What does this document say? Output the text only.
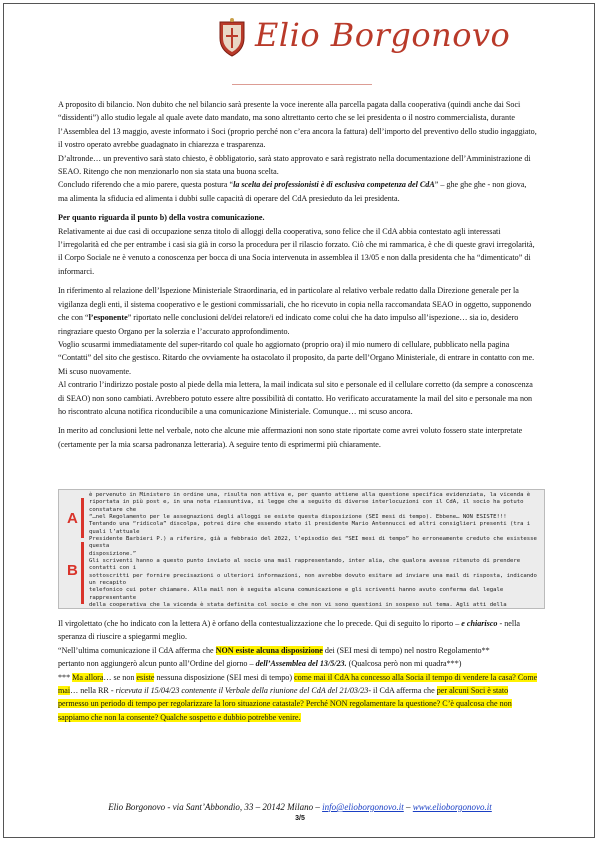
Elio Borgonovo

A proposito di bilancio. Non dubito che nel bilancio sarà presente la voce inerente alla parcella pagata dalla cooperativa (quindi anche dai Soci “dissidenti”) allo studio legale al quale avete dato mandato, ma sono altrettanto certo che se lei presidenta o il nostro commercialista, durante l’Assemblea del 13 maggio, aveste informato i Soci (proprio perché non c’era ancora la fattura) dell’importo del preventivo dello studio ingaggiato, il vostro operato avrebbe guadagnato in chiarezza e trasparenza.

D’altronde… un preventivo sarà stato chiesto, è obbligatorio, sarà stato approvato e sarà registrato nella documentazione dell’Amministrazione di SEAO. Ritengo che non menzionarlo non sia stata una buona scelta.

Concludo riferendo che a mio parere, questa postura “la scelta dei professionisti è di esclusiva competenza del CdA” – ghe ghe ghe - non giova, ma alimenta la sfiducia ed alimenta i dubbi sulle capacità di operare del CdA presieduto da lei presidenta.

Per quanto riguarda il punto b) della vostra comunicazione.

Relativamente ai due casi di occupazione senza titolo di alloggi della cooperativa, sono felice che il CdA abbia contestato agli interessati l’irregolarità ed che per entrambe i casi sia già in corso la procedura per il rilascio forzato. Ciò che mi rammarica, è che di queste gravi irregolarità, il Corpo Sociale ne è venuto a conoscenza per bocca di una Socia intervenuta in assemblea il 13/05 e non dalla presidenta che ha “dimenticato” di informarci.

In riferimento al relazione dell’Ispezione Ministeriale Straordinaria, ed in particolare al relativo verbale redatto dalla Direzione generale per la vigilanza degli enti, il sistema cooperativo e le gestioni commissariali, che ho ricevuto in copia nella raccomandata SEAO in oggetto, supponendo che con “l’esponente” riportato nelle conclusioni del/dei relatore/i ed indicato come colui che ha dato impulso all’ispezione… sia io, desidero ringraziare questo Organo per la solerzia e l’accurato approfondimento.

Voglio scusarmi immediatamente del super-ritardo col quale ho aggiornato (proprio ora) il mio numero di cellulare, pubblicato nella pagina “Contatti” del sito che gestisco. Ritardo che ovviamente ha ostacolato il proposito, da parte dell’Organo Ministeriale, di entrare in contatto con me. Mi scuso nuovamente.

Al contrario l’indirizzo postale posto al piede della mia lettera, la mail indicata sul sito e personale ed il cellulare corretto (da sempre a conoscenza di SEAO) non sono cambiati. Avrebbero potuto essere altre possibilità di contatto. Ho verificato accuratamente la mail del sito e personale ma non ho riscontrato alcuna notifica riconducibile a una comunicazione Ministeriale. Comunque… mi scuso ancora.

In merito ad conclusioni lette nel verbale, noto che alcune mie affermazioni non sono state riportate come avrei voluto fossero state interpretate (certamente per la mia scarsa padronanza letteraria). A seguire tento di esprimermi più chiaramente.

A
B

è pervenuto in Ministero in ordine una, risulta non attiva e, per quanto attiene alla questione specifica evidenziata, la vicenda è

riportata in più post e, in una nota riassuntiva, si legge che a seguito di diverse interlocuzioni con il CdA, il socio ha potuto constatare che

“…nel Regolamento per le assegnazioni degli alloggi se esiste questa disposizione (SEI mesi di tempo). Ebbene… NON ESISTE!!!

Tentando una “ridicola” discolpa, potrei dire che essendo stato il presidente Mario Antennucci ed altri consiglieri presenti (tra i quali l’attuale

Presidente Barbieri P.) a riferire, già a febbraio del 2022, l’episodio dei “SEI mesi di tempo” ho erroneamente creduto che esistesse questa

disposizione.”

Gli scriventi hanno a questo punto inviato al socio una mail rappresentando, inter alia, che qualora avesse ritenuto di prendere contatti con i

sottoscritti per fornire precisazioni o ulteriori informazioni, non avrebbe dovuto esitare ad inviare una mail di risposta, indicando un recapito

telefonico cui poter chiamare. Alla mail non è seguita alcuna comunicazione e gli scriventi hanno avuto conferma dal legale rappresentante

della cooperativa che la vicenda è stata definita col socio e che non vi sono questioni in sospeso sul tema. Agli atti della

Il virgolettato (che ho indicato con la lettera A) è orfano della contestualizzazione che lo precede. Qui di seguito lo riporto – e chiarisco - nella speranza di riuscire a spiegarmi meglio.

“Nell’ultima comunicazione il CdA afferma che NON esiste alcuna disposizione dei (SEI mesi di tempo) nel nostro Regolamento**

pertanto non aggiungerò alcun punto all’Ordine del giorno – dell’Assemblea del 13/5/23. (Qualcosa però non mi quadra***)

*** Ma allora… se non esiste nessuna disposizione (SEI mesi di tempo) come mai il CdA ha concesso alla Socia il tempo di vendere la casa? Come mai… nella RR - ricevuta il 15/04/23 contenente il Verbale della riunione del CdA del 21/03/23- il CdA afferma che per alcuni Soci è stato permesso un periodo di tempo per regolarizzare la loro situazione catastale? Perché NON regolamentare la questione? C’è qualcosa che non sappiamo che non la consente? Qualche sospetto e dubbio potrebbe venire.

Elio Borgonovo - via Sant’Abbondio, 33 – 20142 Milano – info@elioborgonovo.it – www.elioborgonovo.it
3/5
